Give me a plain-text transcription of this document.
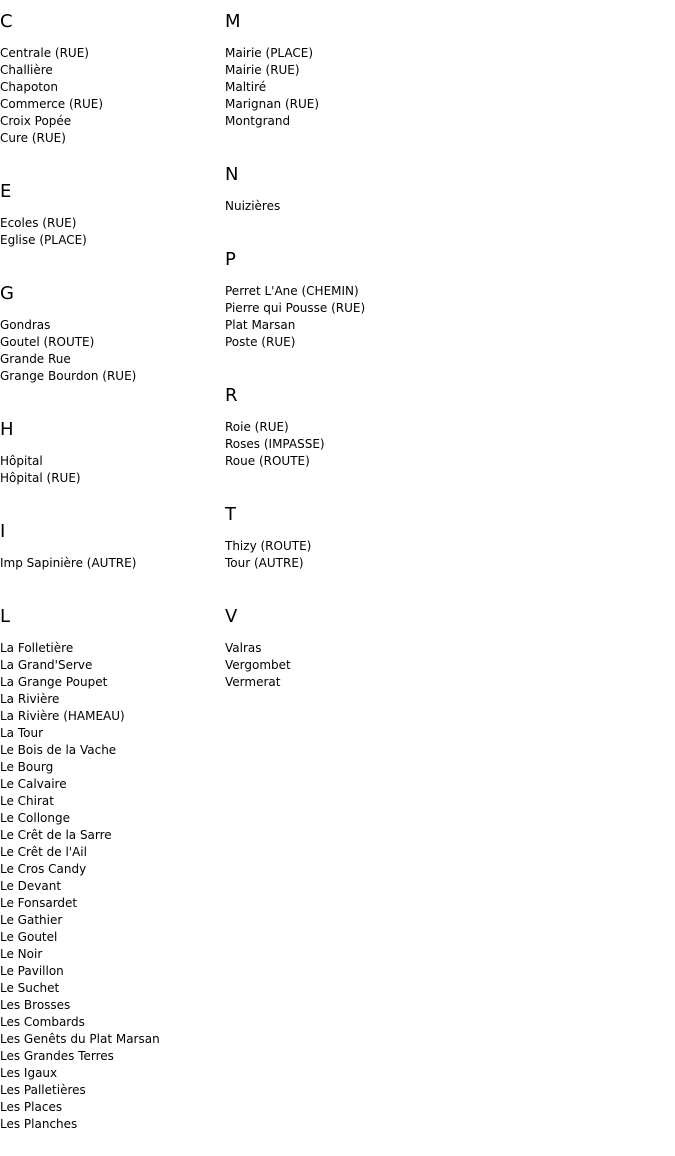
C
Centrale (RUE)
Challière
Chapoton
Commerce (RUE)
Croix Popée
Cure (RUE)
E
Ecoles (RUE)
Eglise (PLACE)
G
Gondras
Goutel (ROUTE)
Grande Rue
Grange Bourdon (RUE)
H
Hôpital
Hôpital (RUE)
I
Imp Sapinière (AUTRE)
L
La Folletière
La Grand'Serve
La Grange Poupet
La Rivière
La Rivière (HAMEAU)
La Tour
Le Bois de la Vache
Le Bourg
Le Calvaire
Le Chirat
Le Collonge
Le Crêt de la Sarre
Le Crêt de l'Ail
Le Cros Candy
Le Devant
Le Fonsardet
Le Gathier
Le Goutel
Le Noir
Le Pavillon
Le Suchet
Les Brosses
Les Combards
Les Genêts du Plat Marsan
Les Grandes Terres
Les Igaux
Les Palletières
Les Places
Les Planches
M
Mairie (PLACE)
Mairie (RUE)
Maltiré
Marignan (RUE)
Montgrand
N
Nuizières
P
Perret L'Ane (CHEMIN)
Pierre qui Pousse (RUE)
Plat Marsan
Poste (RUE)
R
Roie (RUE)
Roses (IMPASSE)
Roue (ROUTE)
T
Thizy (ROUTE)
Tour (AUTRE)
V
Valras
Vergombet
Vermerat
